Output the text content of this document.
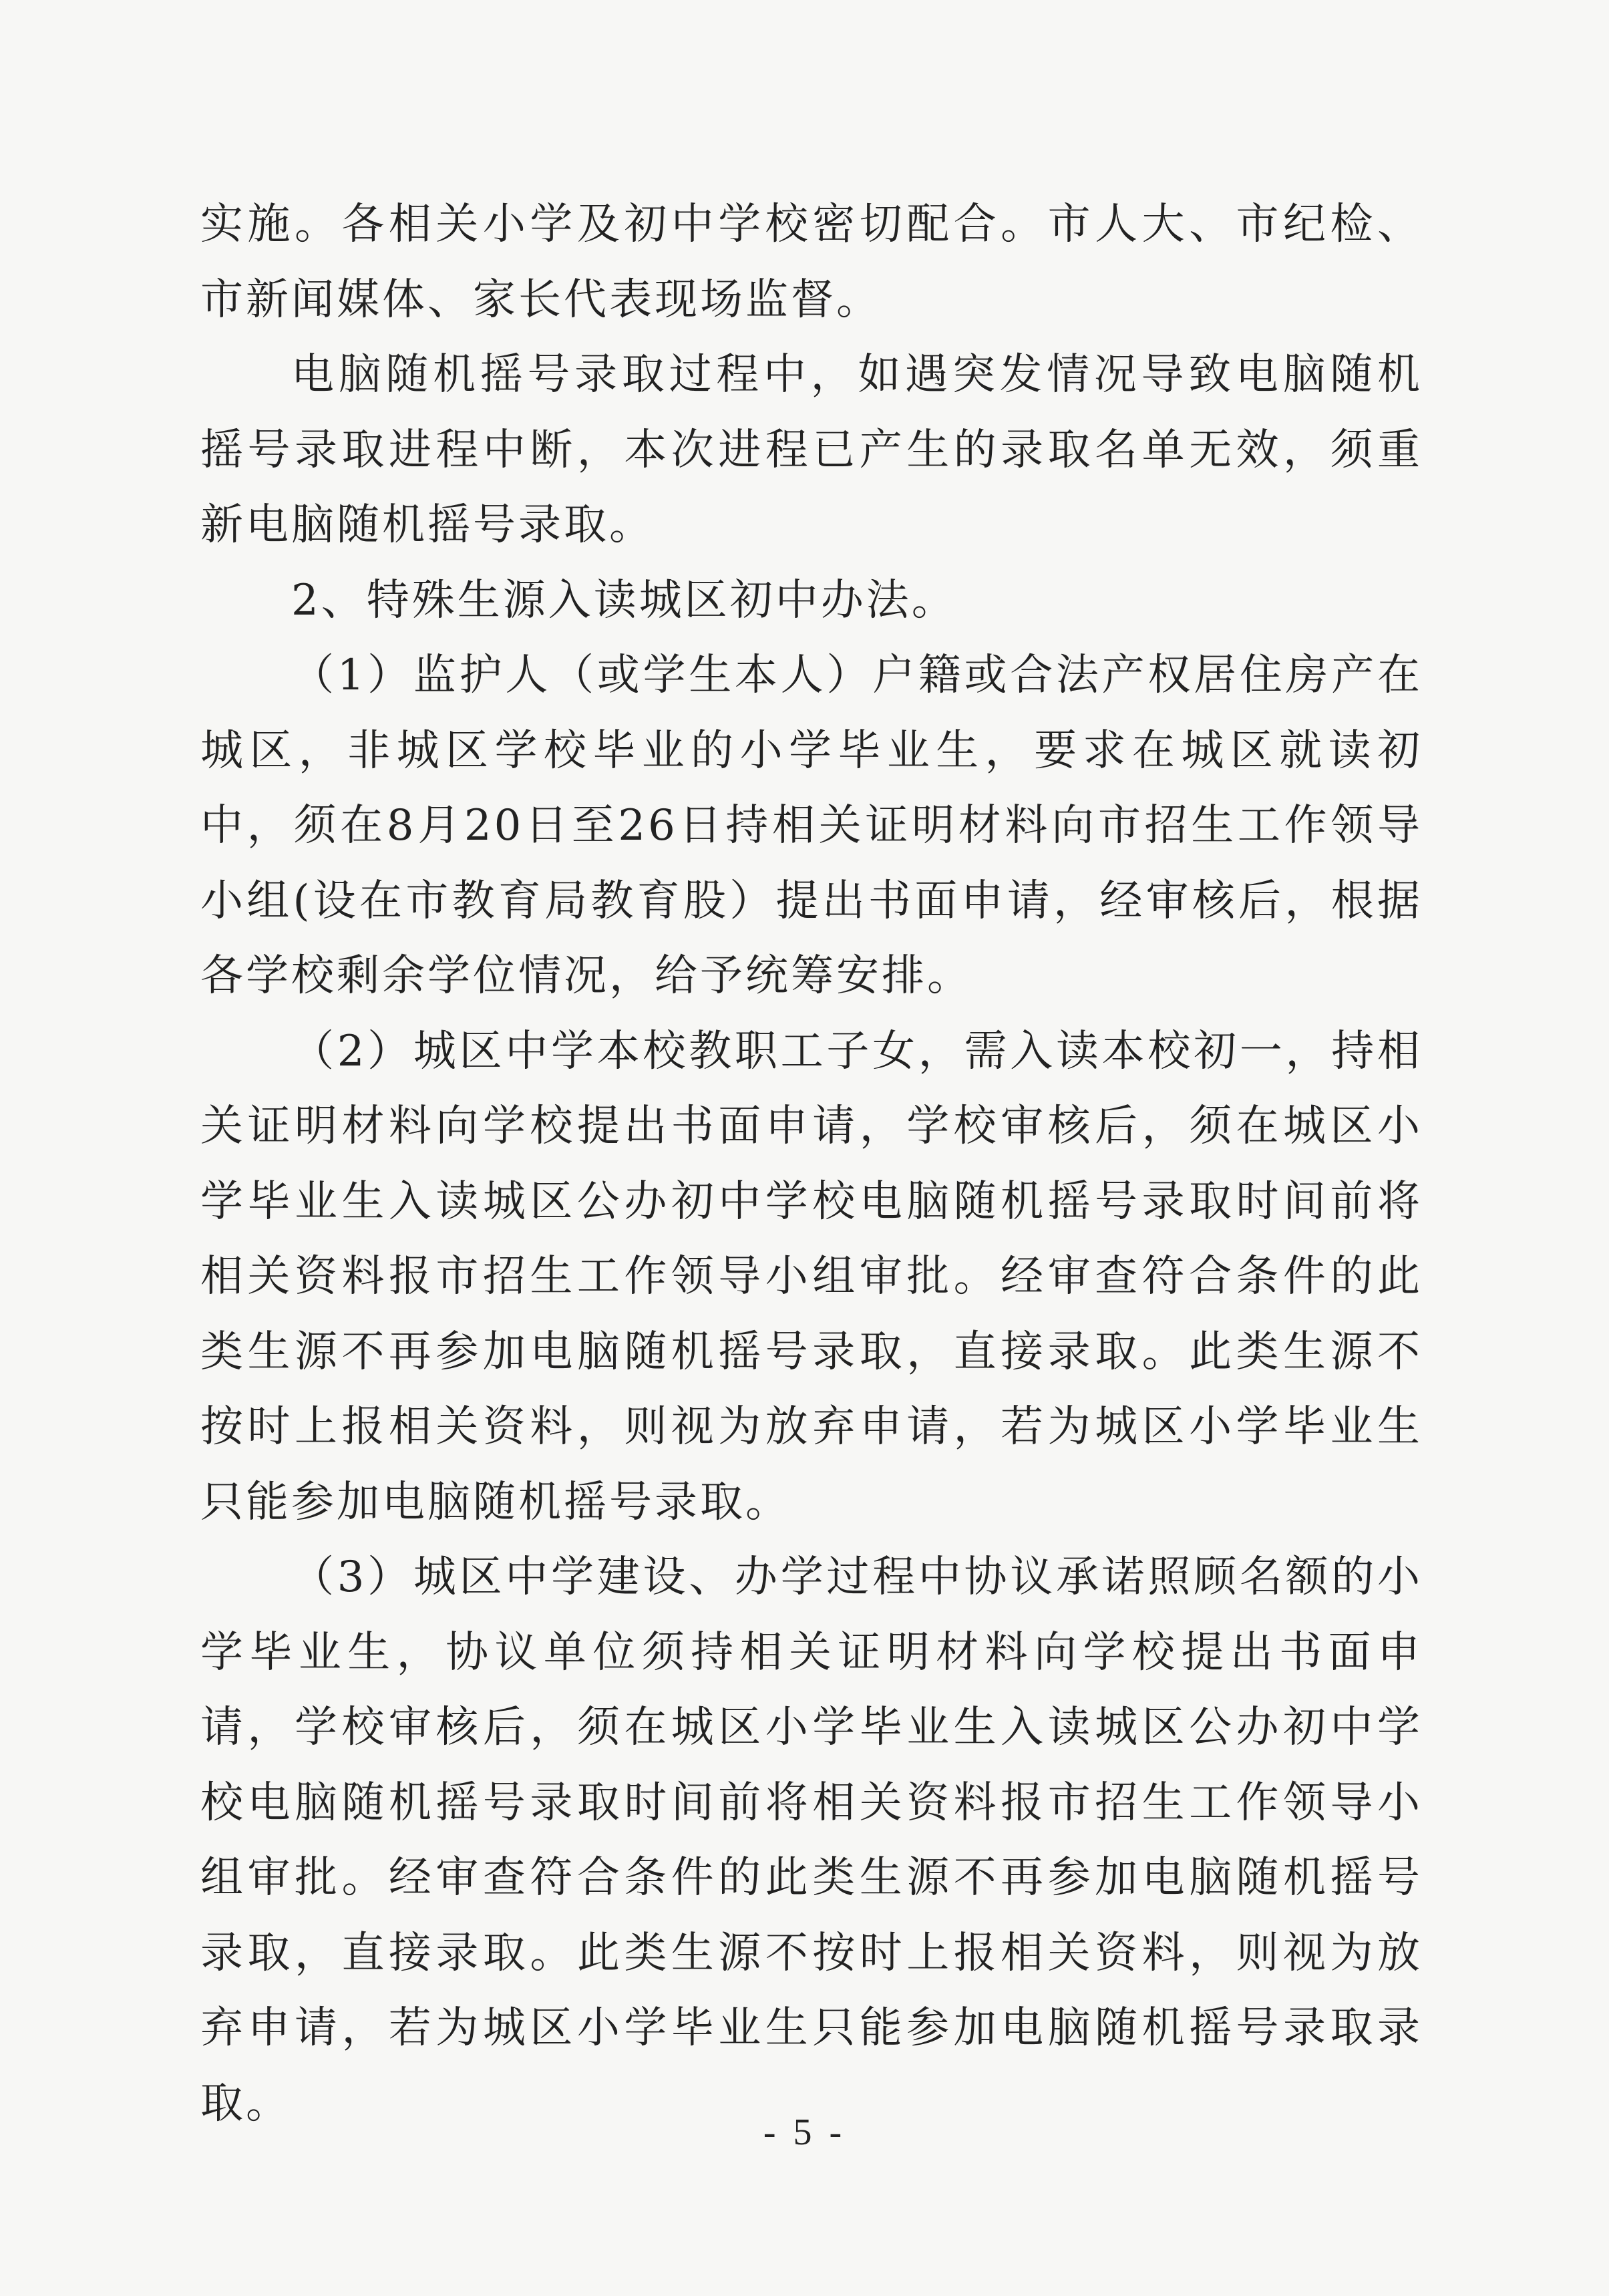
实施。各相关小学及初中学校密切配合。市人大、市纪检、市新闻媒体、家长代表现场监督。

电脑随机摇号录取过程中，如遇突发情况导致电脑随机摇号录取进程中断，本次进程已产生的录取名单无效，须重新电脑随机摇号录取。

2、特殊生源入读城区初中办法。

（1）监护人（或学生本人）户籍或合法产权居住房产在城区，非城区学校毕业的小学毕业生，要求在城区就读初中，须在8月20日至26日持相关证明材料向市招生工作领导小组(设在市教育局教育股）提出书面申请，经审核后，根据各学校剩余学位情况，给予统筹安排。

（2）城区中学本校教职工子女，需入读本校初一，持相关证明材料向学校提出书面申请，学校审核后，须在城区小学毕业生入读城区公办初中学校电脑随机摇号录取时间前将相关资料报市招生工作领导小组审批。经审查符合条件的此类生源不再参加电脑随机摇号录取，直接录取。此类生源不按时上报相关资料，则视为放弃申请，若为城区小学毕业生只能参加电脑随机摇号录取。

（3）城区中学建设、办学过程中协议承诺照顾名额的小学毕业生，协议单位须持相关证明材料向学校提出书面申请，学校审核后，须在城区小学毕业生入读城区公办初中学校电脑随机摇号录取时间前将相关资料报市招生工作领导小组审批。经审查符合条件的此类生源不再参加电脑随机摇号录取，直接录取。此类生源不按时上报相关资料，则视为放弃申请，若为城区小学毕业生只能参加电脑随机摇号录取录取。

- 5 -
